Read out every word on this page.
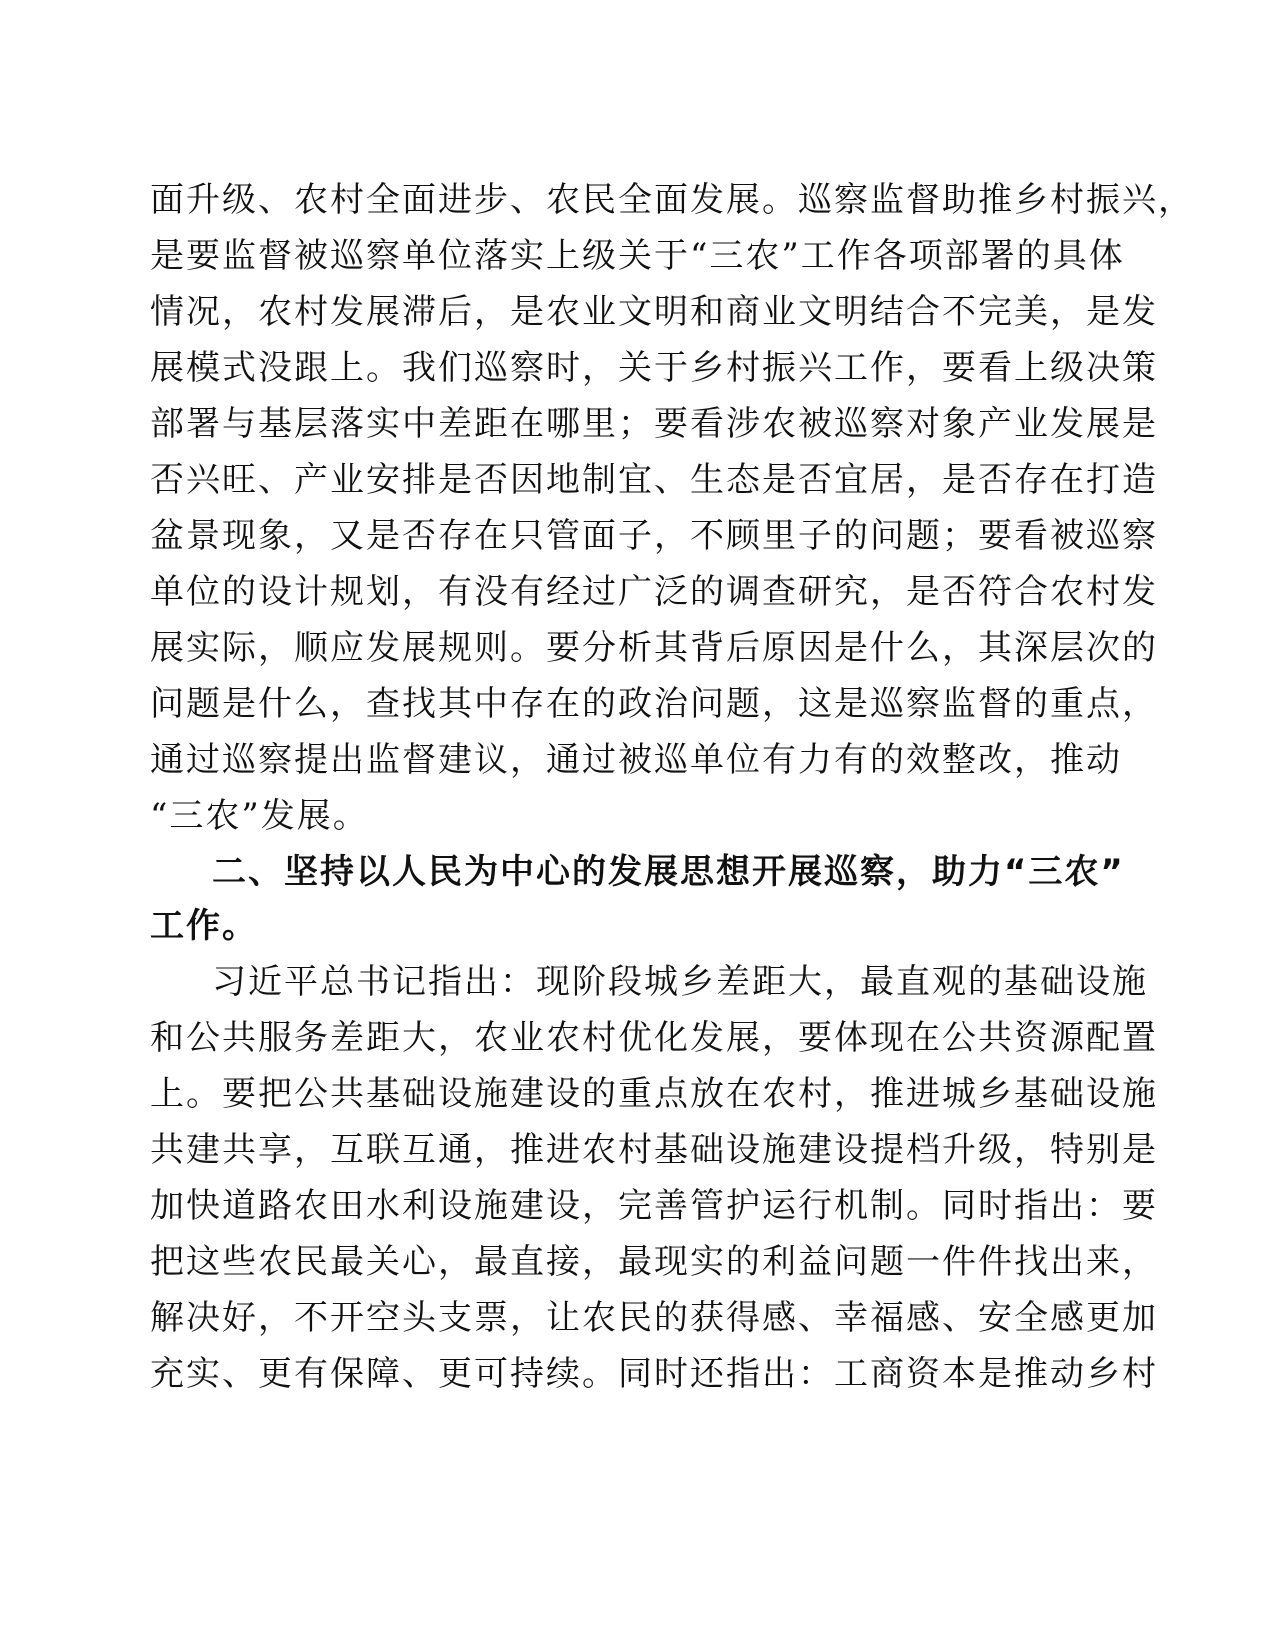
面升级、农村全面进步、农民全面发展。巡察监督助推乡村振兴，
是要监督被巡察单位落实上级关于“三农”工作各项部署的具体
情况，农村发展滞后，是农业文明和商业文明结合不完美，是发
展模式没跟上。我们巡察时，关于乡村振兴工作，要看上级决策
部署与基层落实中差距在哪里；要看涉农被巡察对象产业发展是
否兴旺、产业安排是否因地制宜、生态是否宜居，是否存在打造
盆景现象，又是否存在只管面子，不顾里子的问题；要看被巡察
单位的设计规划，有没有经过广泛的调查研究，是否符合农村发
展实际，顺应发展规则。要分析其背后原因是什么，其深层次的
问题是什么，查找其中存在的政治问题，这是巡察监督的重点，
通过巡察提出监督建议，通过被巡单位有力有的效整改，推动
“三农”发展。
二、坚持以人民为中心的发展思想开展巡察，助力“三农”
工作。
习近平总书记指出：现阶段城乡差距大，最直观的基础设施
和公共服务差距大，农业农村优化发展，要体现在公共资源配置
上。要把公共基础设施建设的重点放在农村，推进城乡基础设施
共建共享，互联互通，推进农村基础设施建设提档升级，特别是
加快道路农田水利设施建设，完善管护运行机制。同时指出：要
把这些农民最关心，最直接，最现实的利益问题一件件找出来，
解决好，不开空头支票，让农民的获得感、幸福感、安全感更加
充实、更有保障、更可持续。同时还指出：工商资本是推动乡村
